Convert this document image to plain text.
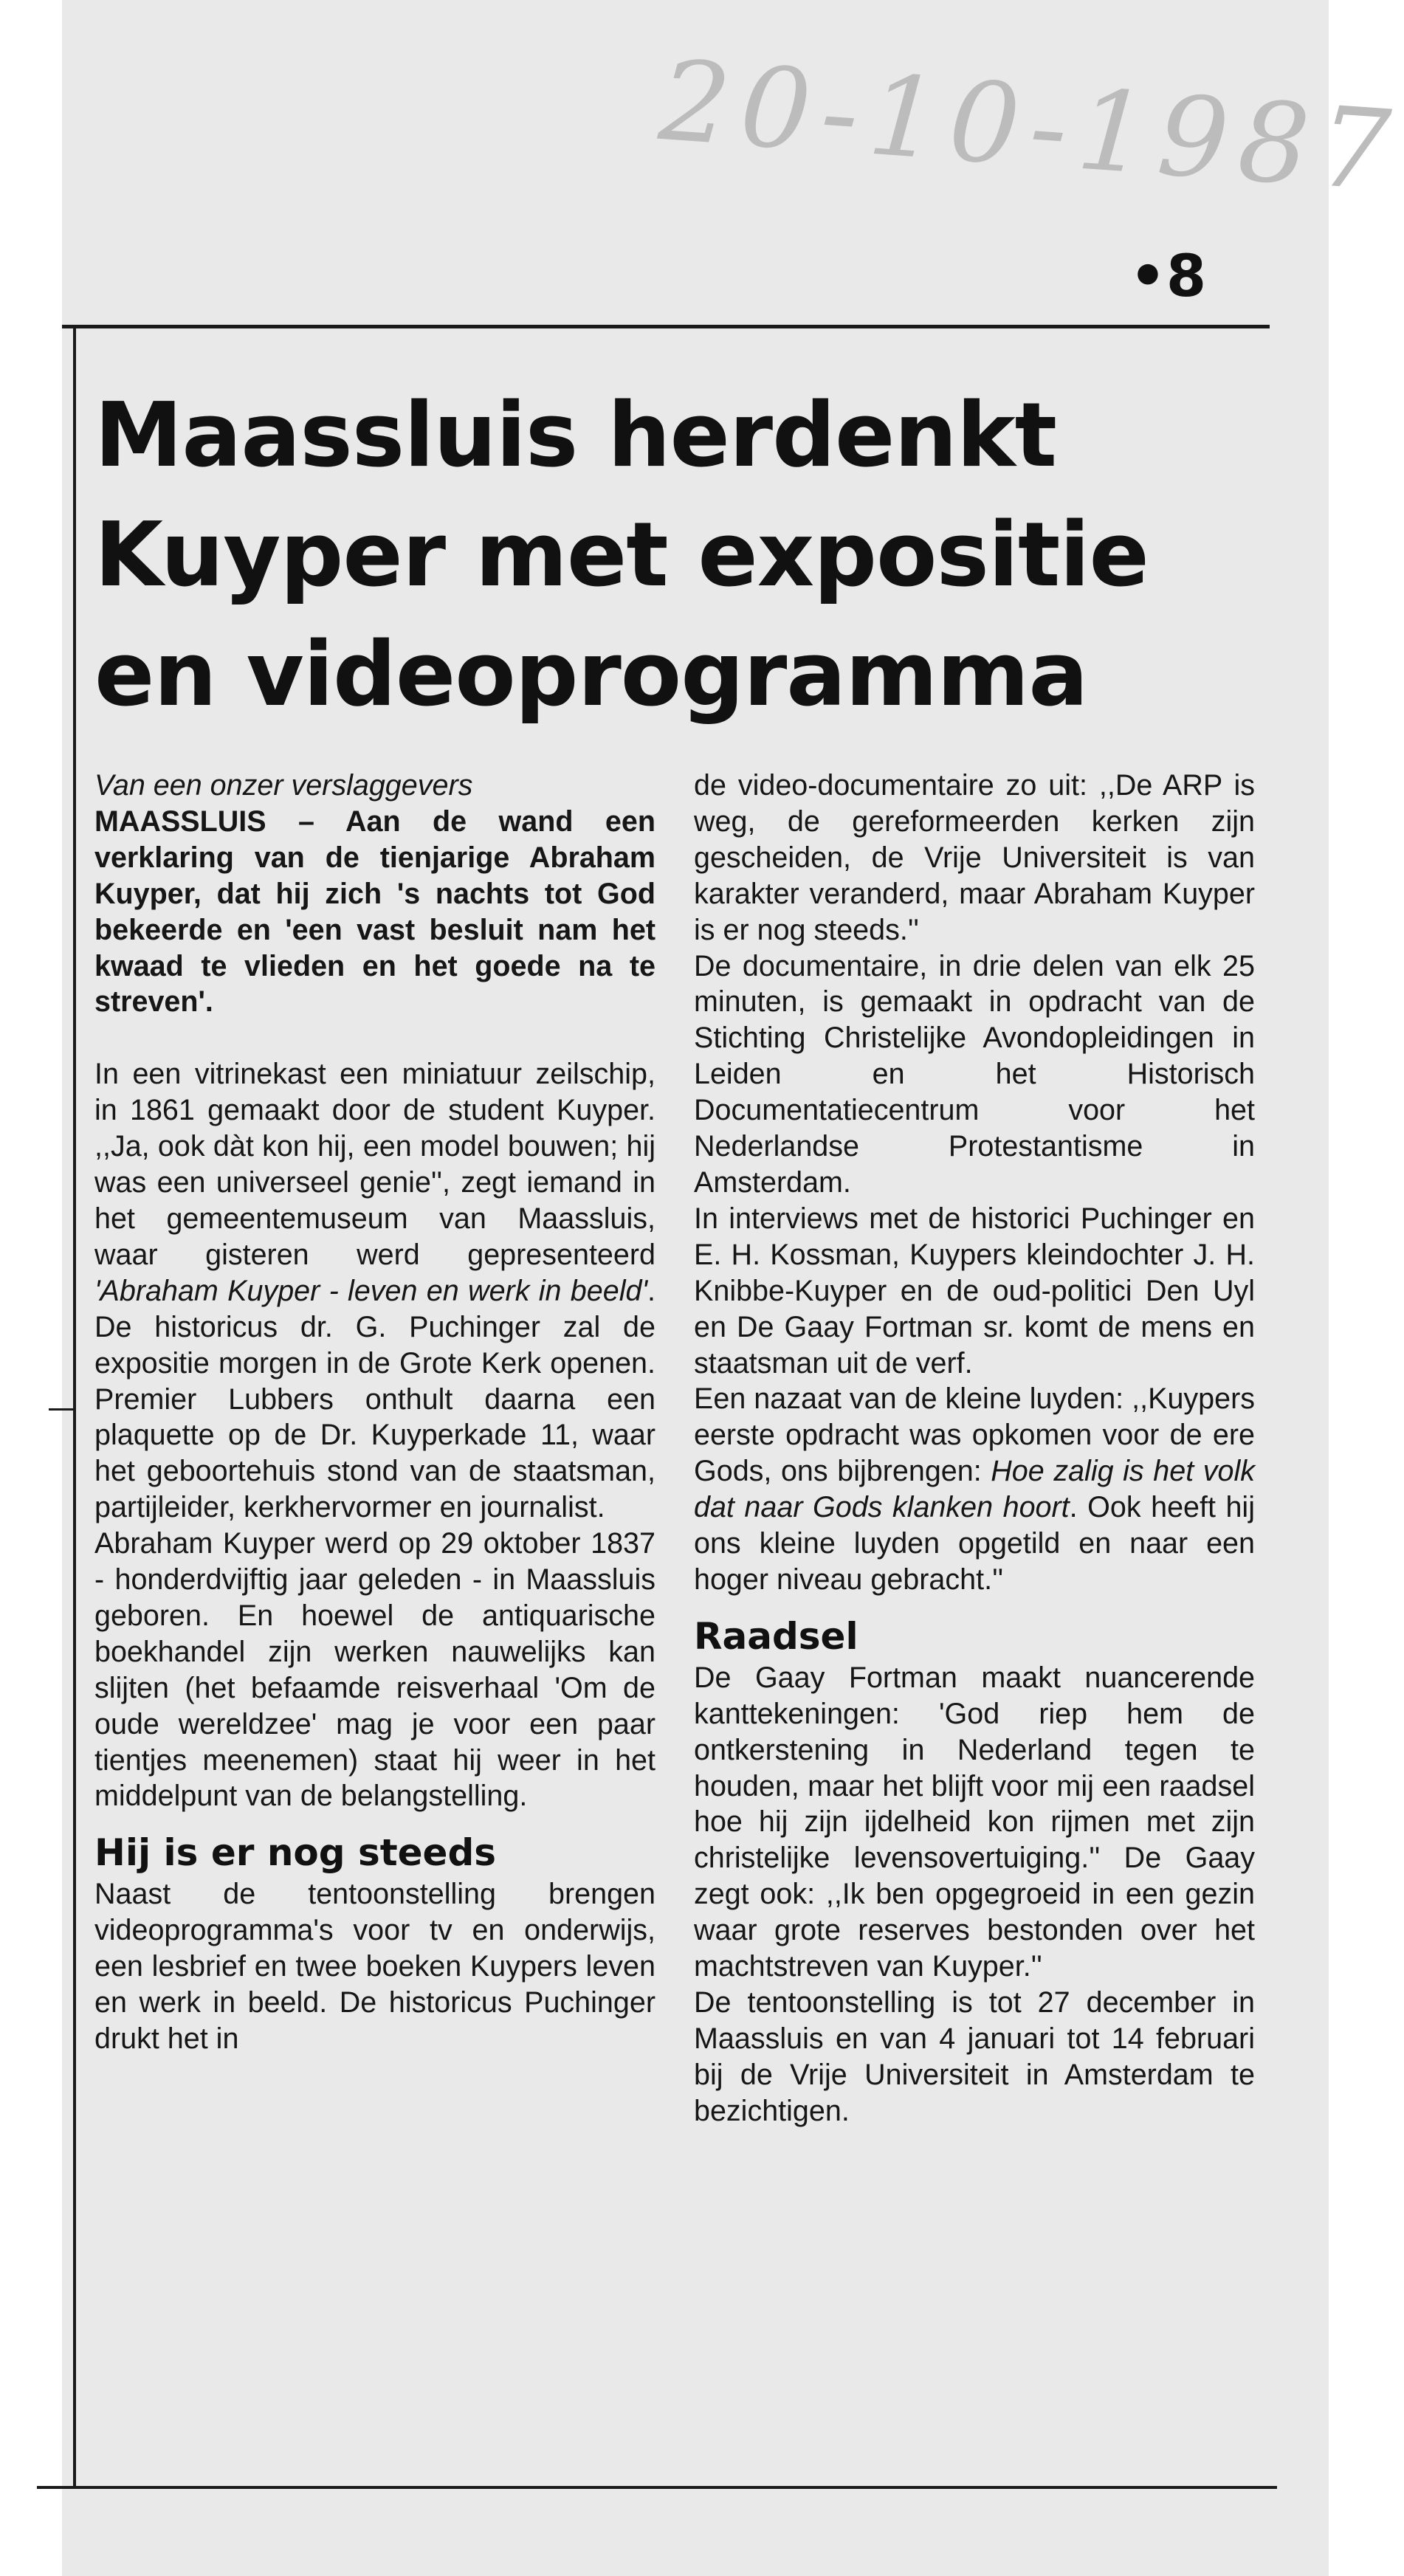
20-10-1987
•8
Maassluis herdenkt
Kuyper met expositie
en videoprogramma

Van een onzer verslaggevers

MAASSLUIS – Aan de wand een verklaring van de tienjarige Abraham Kuyper, dat hij zich 's nachts tot God bekeerde en 'een vast besluit nam het kwaad te vlieden en het goede na te streven'.

In een vitrinekast een miniatuur zeilschip, in 1861 gemaakt door de student Kuyper. ,,Ja, ook dàt kon hij, een model bouwen; hij was een universeel genie'', zegt iemand in het gemeentemuseum van Maassluis, waar gisteren werd gepresenteerd 'Abraham Kuyper - leven en werk in beeld'. De historicus dr. G. Puchinger zal de expositie morgen in de Grote Kerk openen. Premier Lubbers onthult daarna een plaquette op de Dr. Kuyperkade 11, waar het geboortehuis stond van de staatsman, partijleider, kerkhervormer en journalist.

Abraham Kuyper werd op 29 oktober 1837 - honderdvijftig jaar geleden - in Maassluis geboren. En hoewel de antiquarische boekhandel zijn werken nauwelijks kan slijten (het befaamde reisverhaal 'Om de oude wereldzee' mag je voor een paar tientjes meenemen) staat hij weer in het middelpunt van de belangstelling.

Hij is er nog steeds

Naast de tentoonstelling brengen videoprogramma's voor tv en onderwijs, een lesbrief en twee boeken Kuypers leven en werk in beeld. De historicus Puchinger drukt het in

de video-documentaire zo uit: ,,De ARP is weg, de gereformeerden kerken zijn gescheiden, de Vrije Universiteit is van karakter veranderd, maar Abraham Kuyper is er nog steeds.''

De documentaire, in drie delen van elk 25 minuten, is gemaakt in opdracht van de Stichting Christelijke Avondopleidingen in Leiden en het Historisch Documentatiecentrum voor het Nederlandse Protestantisme in Amsterdam.

In interviews met de historici Puchinger en E. H. Kossman, Kuypers kleindochter J. H. Knibbe-Kuyper en de oud-politici Den Uyl en De Gaay Fortman sr. komt de mens en staatsman uit de verf.

Een nazaat van de kleine luyden: ,,Kuypers eerste opdracht was opkomen voor de ere Gods, ons bijbrengen: Hoe zalig is het volk dat naar Gods klanken hoort. Ook heeft hij ons kleine luyden opgetild en naar een hoger niveau gebracht.''

Raadsel

De Gaay Fortman maakt nuancerende kanttekeningen: 'God riep hem de ontkerstening in Nederland tegen te houden, maar het blijft voor mij een raadsel hoe hij zijn ijdelheid kon rijmen met zijn christelijke levensovertuiging.'' De Gaay zegt ook: ,,Ik ben opgegroeid in een gezin waar grote reserves bestonden over het machtstreven van Kuyper.''

De tentoonstelling is tot 27 december in Maassluis en van 4 januari tot 14 februari bij de Vrije Universiteit in Amsterdam te bezichtigen.
